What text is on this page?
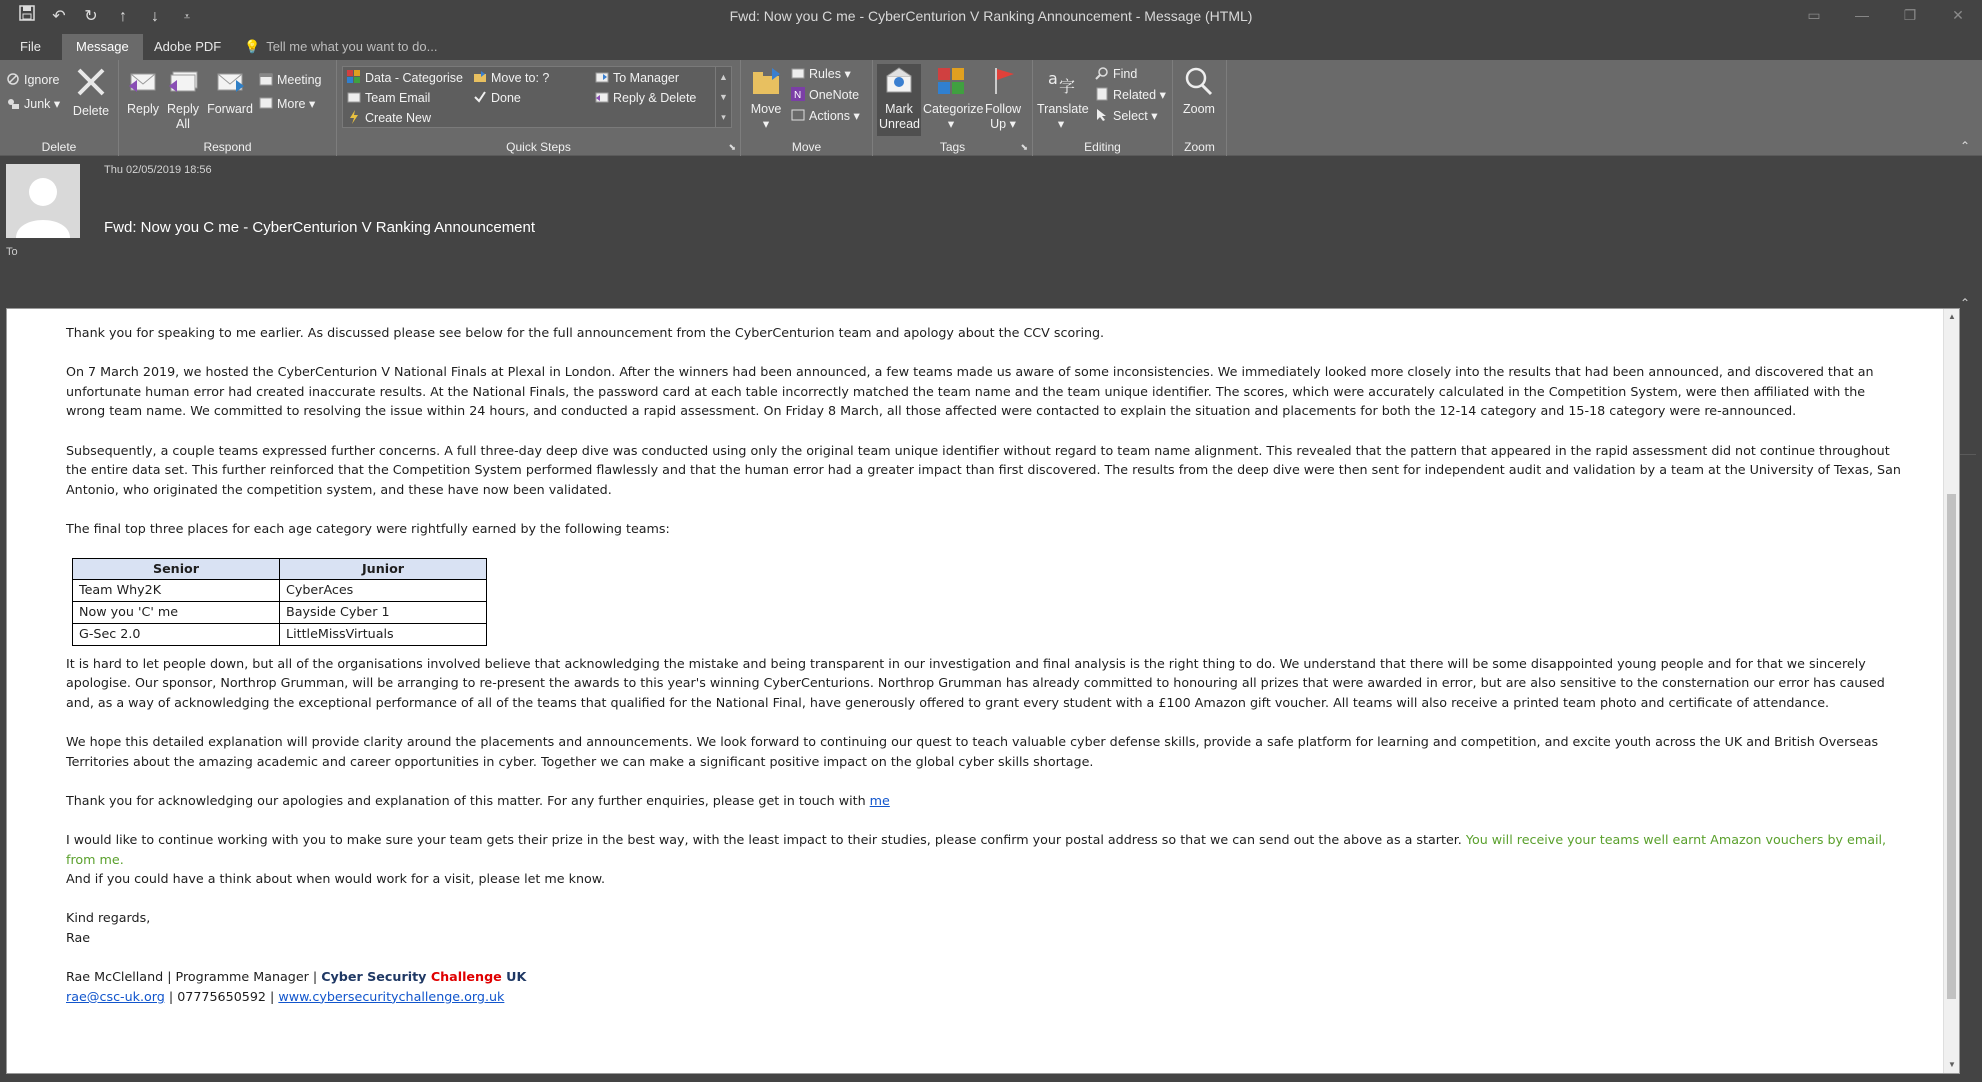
↶	↻	↑	↓	⩡	Fwd: Now you C me - CyberCenturion V Ranking Announcement - Message (HTML)	▭	—	❐	✕
File	Message	Adobe PDF	💡 Tell me what you want to do...
Ignore
Junk ▾ Delete
Delete
Reply Reply
All
Forward
Meeting
More ▾
Respond
Data - Categorise
Team Email
Create New
Move to: ?
Done
To Manager
Reply & Delete
▲
▼
▾
Quick Steps	⬊
Move
▾
Rules ▾
N OneNote
Actions ▾
Move
Mark
Unread
Categorize
▾
Follow
Up ▾
Tags	⬊
a 字
Translate
▾
Find
Related ▾
Select ▾
Editing
Zoom
Zoom	⌃
Thu 02/05/2019 18:56
Fwd: Now you C me - CyberCenturion V Ranking Announcement
To
⌃

Thank you for speaking to me earlier. As discussed please see below for the full announcement from the CyberCenturion team and apology about the CCV scoring.

On 7 March 2019, we hosted the CyberCenturion V National Finals at Plexal in London. After the winners had been announced, a few teams made us aware of some inconsistencies. We immediately looked more closely into the results that had been announced, and discovered that an unfortunate human error had created inaccurate results. At the National Finals, the password card at each table incorrectly matched the team name and the team unique identifier. The scores, which were accurately calculated in the Competition System, were then affiliated with the wrong team name. We committed to resolving the issue within 24 hours, and conducted a rapid assessment. On Friday 8 March, all those affected were contacted to explain the situation and placements for both the 12-14 category and 15-18 category were re-announced.

Subsequently, a couple teams expressed further concerns. A full three-day deep dive was conducted using only the original team unique identifier without regard to team name alignment. This revealed that the pattern that appeared in the rapid assessment did not continue throughout the entire data set. This further reinforced that the Competition System performed flawlessly and that the human error had a greater impact than first discovered. The results from the deep dive were then sent for independent audit and validation by a team at the University of Texas, San Antonio, who originated the competition system, and these have now been validated.

The final top three places for each age category were rightfully earned by the following teams:

Senior	Junior
Team Why2K	CyberAces
Now you 'C' me	Bayside Cyber 1
G-Sec 2.0	LittleMissVirtuals

It is hard to let people down, but all of the organisations involved believe that acknowledging the mistake and being transparent in our investigation and final analysis is the right thing to do. We understand that there will be some disappointed young people and for that we sincerely apologise. Our sponsor, Northrop Grumman, will be arranging to re-present the awards to this year's winning CyberCenturions. Northrop Grumman has already committed to honouring all prizes that were awarded in error, but are also sensitive to the consternation our error has caused and, as a way of acknowledging the exceptional performance of all of the teams that qualified for the National Final, have generously offered to grant every student with a £100 Amazon gift voucher. All teams will also receive a printed team photo and certificate of attendance.

We hope this detailed explanation will provide clarity around the placements and announcements. We look forward to continuing our quest to teach valuable cyber defense skills, provide a safe platform for learning and competition, and excite youth across the UK and British Overseas Territories about the amazing academic and career opportunities in cyber. Together we can make a significant positive impact on the global cyber skills shortage.

Thank you for acknowledging our apologies and explanation of this matter. For any further enquiries, please get in touch with me

I would like to continue working with you to make sure your team gets their prize in the best way, with the least impact to their studies, please confirm your postal address so that we can send out the above as a starter. You will receive your teams well earnt Amazon vouchers by email, from me.
And if you could have a think about when would work for a visit, please let me know.

Kind regards,
Rae

Rae McClelland | Programme Manager | Cyber Security Challenge UK
rae@csc-uk.org | 07775650592 | www.cybersecuritychallenge.org.uk
▲
▼
